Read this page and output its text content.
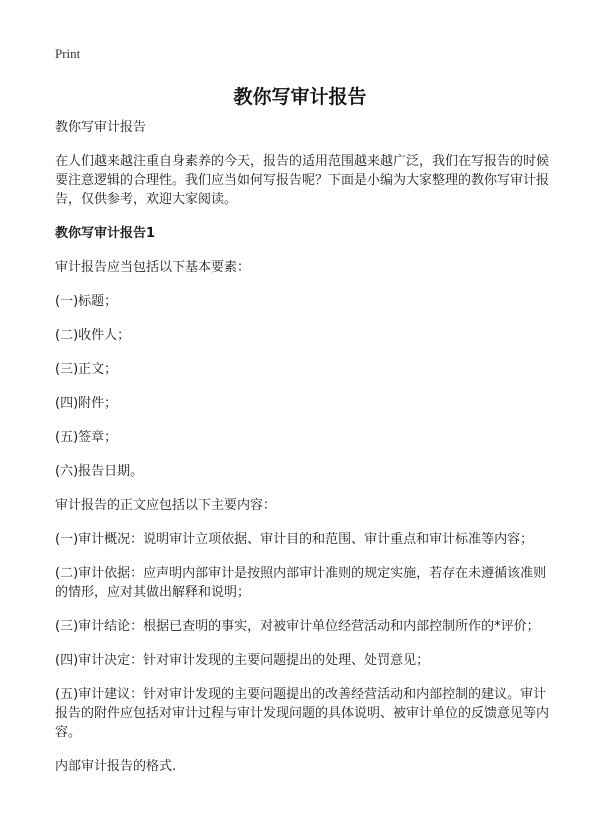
Print
教你写审计报告

教你写审计报告

在人们越来越注重自身素养的今天，报告的适用范围越来越广泛，我们在写报告的时候要注意逻辑的合理性。我们应当如何写报告呢？下面是小编为大家整理的教你写审计报告，仅供参考，欢迎大家阅读。

教你写审计报告1

审计报告应当包括以下基本要素：

(一)标题；

(二)收件人；

(三)正文；

(四)附件；

(五)签章；

(六)报告日期。

审计报告的正文应包括以下主要内容：

(一)审计概况：说明审计立项依据、审计目的和范围、审计重点和审计标准等内容；

(二)审计依据：应声明内部审计是按照内部审计准则的规定实施，若存在未遵循该准则的情形，应对其做出解释和说明；

(三)审计结论：根据已查明的事实，对被审计单位经营活动和内部控制所作的*评价；

(四)审计决定：针对审计发现的主要问题提出的处理、处罚意见；

(五)审计建议：针对审计发现的主要问题提出的改善经营活动和内部控制的建议。审计报告的附件应包括对审计过程与审计发现问题的具体说明、被审计单位的反馈意见等内容。

内部审计报告的格式.
